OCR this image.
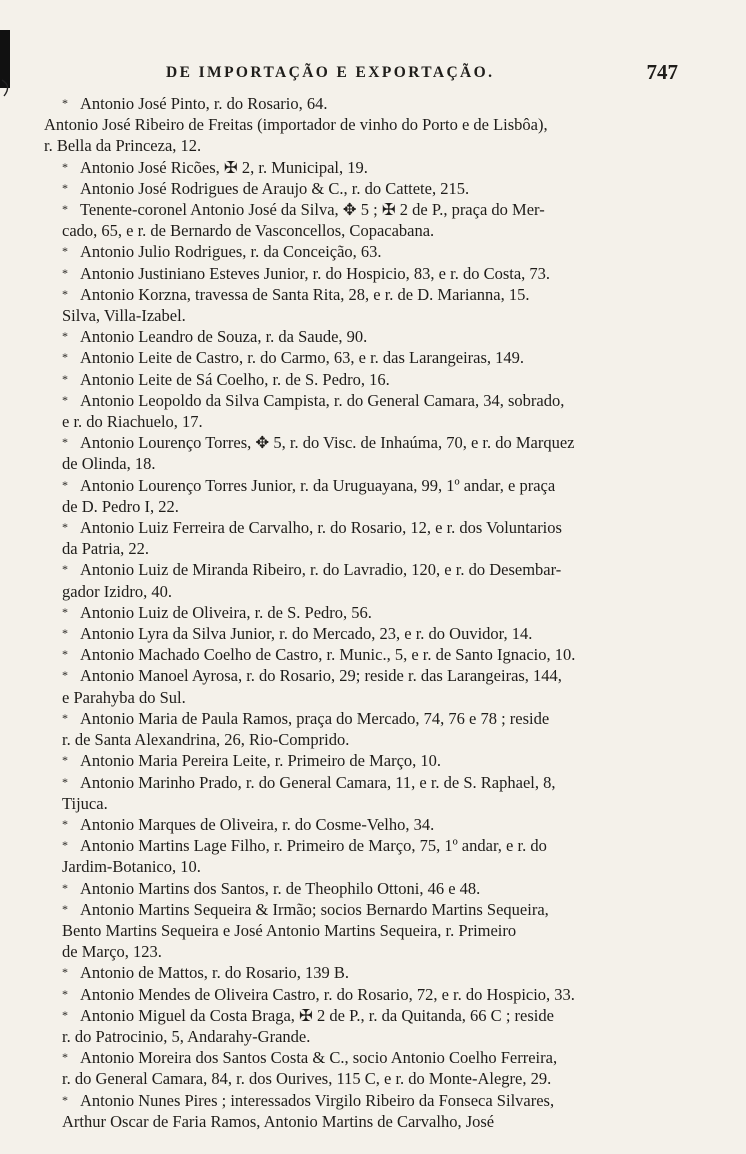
DE IMPORTAÇÃO E EXPORTAÇÃO.	747
* Antonio José Pinto, r. do Rosario, 64.
Antonio José Ribeiro de Freitas (importador de vinho do Porto e de Lisbôa),
r. Bella da Princeza, 12.
* Antonio José Ricões, ✠ 2, r. Municipal, 19.
* Antonio José Rodrigues de Araujo & C., r. do Cattete, 215.
* Tenente-coronel Antonio José da Silva, ✥ 5 ; ✠ 2 de P., praça do Mer-
cado, 65, e r. de Bernardo de Vasconcellos, Copacabana.
* Antonio Julio Rodrigues, r. da Conceição, 63.
* Antonio Justiniano Esteves Junior, r. do Hospicio, 83, e r. do Costa, 73.
* Antonio Korzna, travessa de Santa Rita, 28, e r. de D. Marianna, 15.
Silva, Villa-Izabel.
* Antonio Leandro de Souza, r. da Saude, 90.
* Antonio Leite de Castro, r. do Carmo, 63, e r. das Larangeiras, 149.
* Antonio Leite de Sá Coelho, r. de S. Pedro, 16.
* Antonio Leopoldo da Silva Campista, r. do General Camara, 34, sobrado,
e r. do Riachuelo, 17.
* Antonio Lourenço Torres, ✥ 5, r. do Visc. de Inhaúma, 70, e r. do Marquez
de Olinda, 18.
* Antonio Lourenço Torres Junior, r. da Uruguayana, 99, 1º andar, e praça
de D. Pedro I, 22.
* Antonio Luiz Ferreira de Carvalho, r. do Rosario, 12, e r. dos Voluntarios
da Patria, 22.
* Antonio Luiz de Miranda Ribeiro, r. do Lavradio, 120, e r. do Desembar-
gador Izidro, 40.
* Antonio Luiz de Oliveira, r. de S. Pedro, 56.
* Antonio Lyra da Silva Junior, r. do Mercado, 23, e r. do Ouvidor, 14.
* Antonio Machado Coelho de Castro, r. Munic., 5, e r. de Santo Ignacio, 10.
* Antonio Manoel Ayrosa, r. do Rosario, 29; reside r. das Larangeiras, 144,
e Parahyba do Sul.
* Antonio Maria de Paula Ramos, praça do Mercado, 74, 76 e 78 ; reside
r. de Santa Alexandrina, 26, Rio-Comprido.
* Antonio Maria Pereira Leite, r. Primeiro de Março, 10.
* Antonio Marinho Prado, r. do General Camara, 11, e r. de S. Raphael, 8,
Tijuca.
* Antonio Marques de Oliveira, r. do Cosme-Velho, 34.
* Antonio Martins Lage Filho, r. Primeiro de Março, 75, 1º andar, e r. do
Jardim-Botanico, 10.
* Antonio Martins dos Santos, r. de Theophilo Ottoni, 46 e 48.
* Antonio Martins Sequeira & Irmão; socios Bernardo Martins Sequeira,
Bento Martins Sequeira e José Antonio Martins Sequeira, r. Primeiro
de Março, 123.
* Antonio de Mattos, r. do Rosario, 139 B.
* Antonio Mendes de Oliveira Castro, r. do Rosario, 72, e r. do Hospicio, 33.
* Antonio Miguel da Costa Braga, ✠ 2 de P., r. da Quitanda, 66 C ; reside
r. do Patrocinio, 5, Andarahy-Grande.
* Antonio Moreira dos Santos Costa & C., socio Antonio Coelho Ferreira,
r. do General Camara, 84, r. dos Ourives, 115 C, e r. do Monte-Alegre, 29.
* Antonio Nunes Pires ; interessados Virgilo Ribeiro da Fonseca Silvares,
Arthur Oscar de Faria Ramos, Antonio Martins de Carvalho, José
